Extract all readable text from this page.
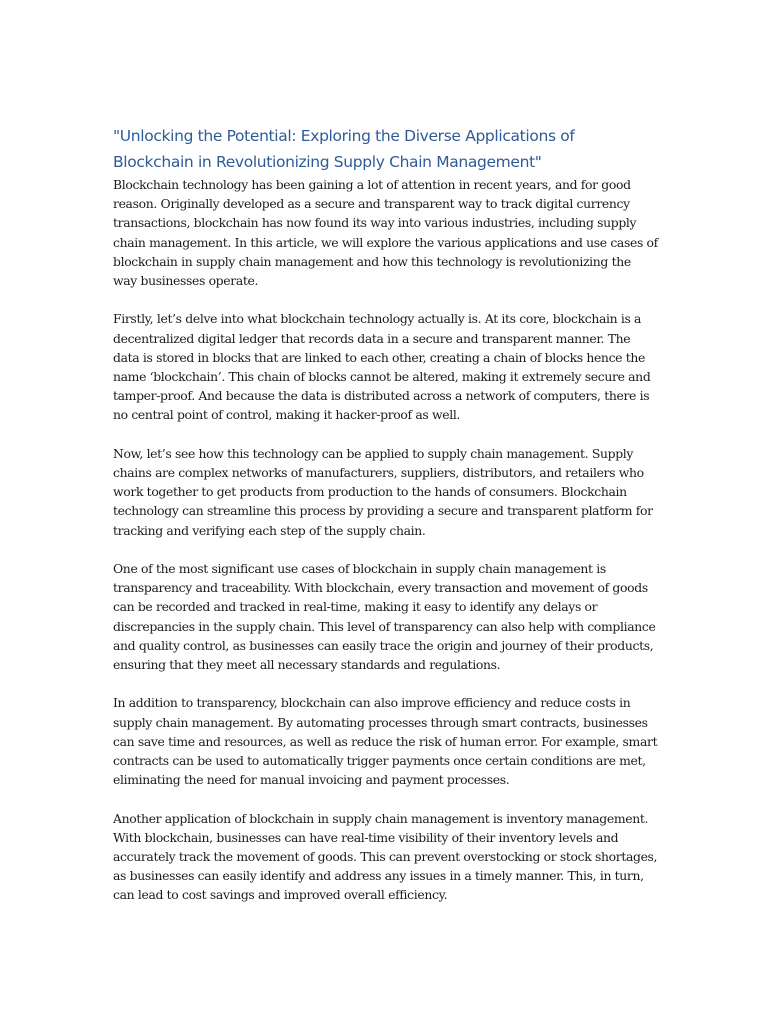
"Unlocking the Potential: Exploring the Diverse Applications of Blockchain in Revolutionizing Supply Chain Management"

Blockchain technology has been gaining a lot of attention in recent years, and for good reason. Originally developed as a secure and transparent way to track digital currency transactions, blockchain has now found its way into various industries, including supply chain management. In this article, we will explore the various applications and use cases of blockchain in supply chain management and how this technology is revolutionizing the way businesses operate.

Firstly, let’s delve into what blockchain technology actually is. At its core, blockchain is a decentralized digital ledger that records data in a secure and transparent manner. The data is stored in blocks that are linked to each other, creating a chain of blocks hence the name ‘blockchain’. This chain of blocks cannot be altered, making it extremely secure and tamper-proof. And because the data is distributed across a network of computers, there is no central point of control, making it hacker-proof as well.

Now, let’s see how this technology can be applied to supply chain management. Supply chains are complex networks of manufacturers, suppliers, distributors, and retailers who work together to get products from production to the hands of consumers. Blockchain technology can streamline this process by providing a secure and transparent platform for tracking and verifying each step of the supply chain.

One of the most significant use cases of blockchain in supply chain management is transparency and traceability. With blockchain, every transaction and movement of goods can be recorded and tracked in real-time, making it easy to identify any delays or discrepancies in the supply chain. This level of transparency can also help with compliance and quality control, as businesses can easily trace the origin and journey of their products, ensuring that they meet all necessary standards and regulations.

In addition to transparency, blockchain can also improve efficiency and reduce costs in supply chain management. By automating processes through smart contracts, businesses can save time and resources, as well as reduce the risk of human error. For example, smart contracts can be used to automatically trigger payments once certain conditions are met, eliminating the need for manual invoicing and payment processes.

Another application of blockchain in supply chain management is inventory management. With blockchain, businesses can have real-time visibility of their inventory levels and accurately track the movement of goods. This can prevent overstocking or stock shortages, as businesses can easily identify and address any issues in a timely manner. This, in turn, can lead to cost savings and improved overall efficiency.
